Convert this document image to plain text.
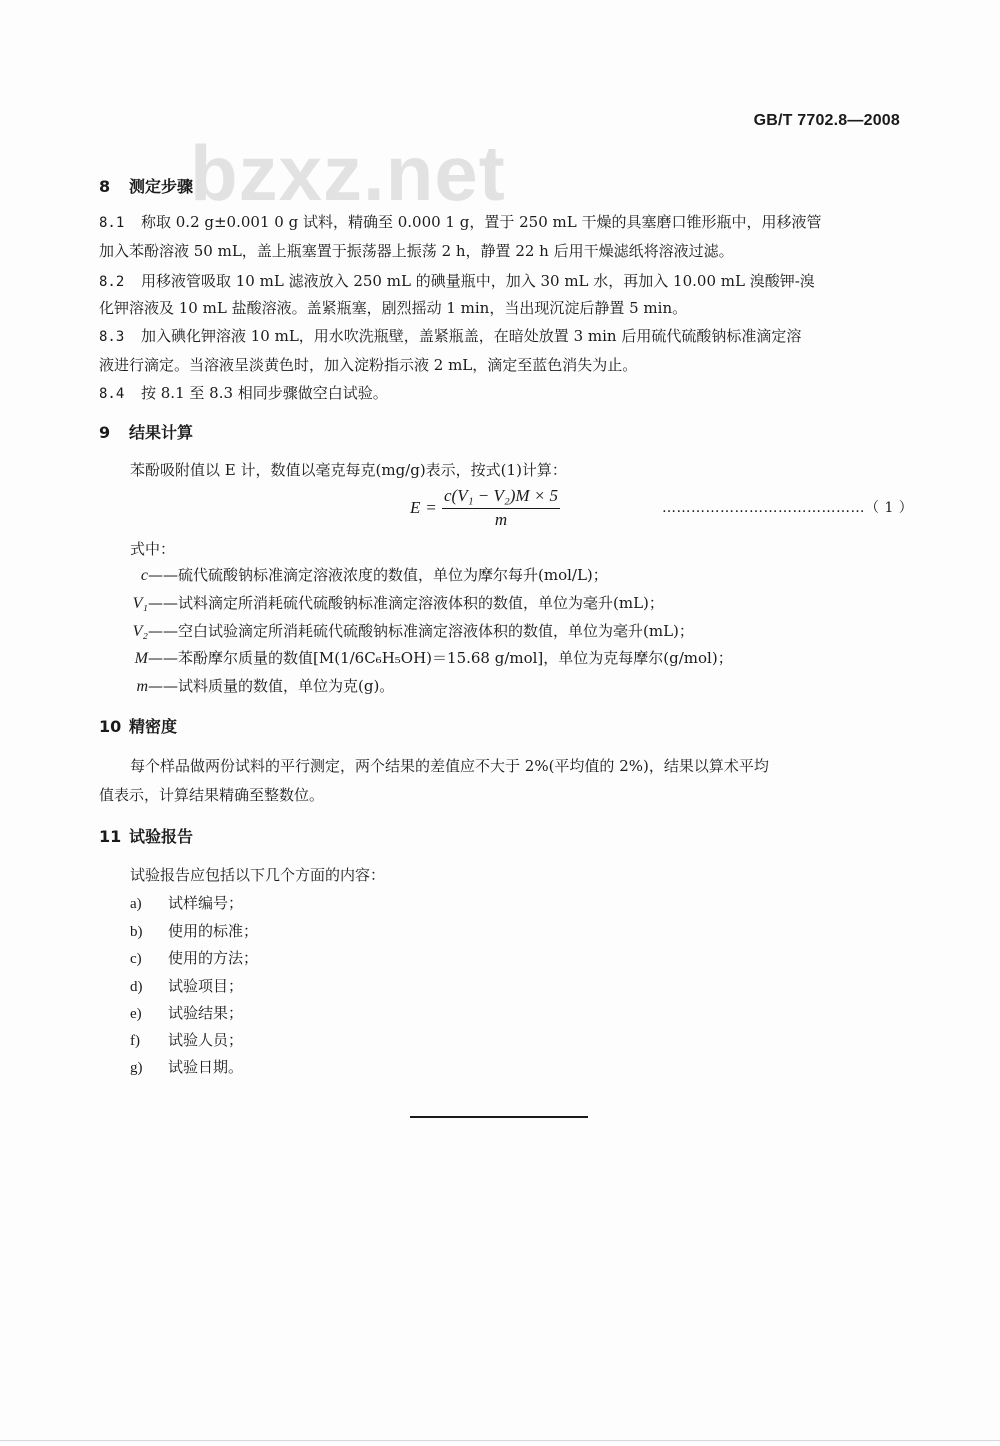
GB/T 7702.8—2008
bzxz.net
8 测定步骤
8.1 称取 0.2 g±0.001 0 g 试料，精确至 0.000 1 g，置于 250 mL 干燥的具塞磨口锥形瓶中，用移液管
加入苯酚溶液 50 mL，盖上瓶塞置于振荡器上振荡 2 h，静置 22 h 后用干燥滤纸将溶液过滤。
8.2 用移液管吸取 10 mL 滤液放入 250 mL 的碘量瓶中，加入 30 mL 水，再加入 10.00 mL 溴酸钾-溴
化钾溶液及 10 mL 盐酸溶液。盖紧瓶塞，剧烈摇动 1 min，当出现沉淀后静置 5 min。
8.3 加入碘化钾溶液 10 mL，用水吹洗瓶壁，盖紧瓶盖，在暗处放置 3 min 后用硫代硫酸钠标准滴定溶
液进行滴定。当溶液呈淡黄色时，加入淀粉指示液 2 mL，滴定至蓝色消失为止。
8.4 按 8.1 至 8.3 相同步骤做空白试验。
9 结果计算
苯酚吸附值以 E 计，数值以毫克每克(mg/g)表示，按式(1)计算：
$E = \frac{\text{c(V₁ − V₂)M × 5}}{m}$	……………………………………（ 1 ）
式中：
c——硫代硫酸钠标准滴定溶液浓度的数值，单位为摩尔每升(mol/L)；
V₁——试料滴定所消耗硫代硫酸钠标准滴定溶液体积的数值，单位为毫升(mL)；
V₂——空白试验滴定所消耗硫代硫酸钠标准滴定溶液体积的数值，单位为毫升(mL)；
M——苯酚摩尔质量的数值[M(1/6C₆H₅OH)＝15.68 g/mol]，单位为克每摩尔(g/mol)；
m——试料质量的数值，单位为克(g)。
10 精密度
每个样品做两份试料的平行测定，两个结果的差值应不大于 2%(平均值的 2%)，结果以算术平均
值表示，计算结果精确至整数位。
11 试验报告
试验报告应包括以下几个方面的内容：
a) 试样编号；
b) 使用的标准；
c) 使用的方法；
d) 试验项目；
e) 试验结果；
f) 试验人员；
g) 试验日期。
